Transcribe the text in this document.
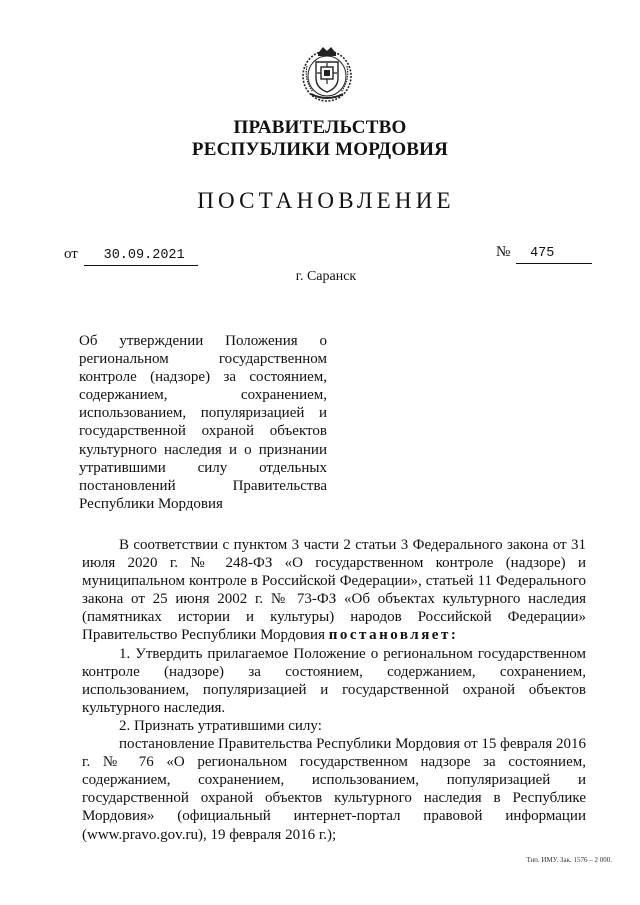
ПРАВИТЕЛЬСТВО
РЕСПУБЛИКИ МОРДОВИЯ
ПОСТАНОВЛЕНИЕ
от 30.09.2021	№ 475
г. Саранск
Об утверждении Положения о региональном государственном контроле (надзоре) за состоянием, содержанием, сохранением, использованием, популяризацией и государственной охраной объектов культурного наследия и о признании утратившими силу отдельных постановлений Правительства Республики Мордовия

В соответствии с пунктом 3 части 2 статьи 3 Федерального закона от 31 июля 2020 г. № 248-ФЗ «О государственном контроле (надзоре) и муниципальном контроле в Российской Федерации», статьей 11 Федерального закона от 25 июня 2002 г. № 73-ФЗ «Об объектах культурного наследия (памятниках истории и культуры) народов Российской Федерации» Правительство Республики Мордовия постановляет:

1. Утвердить прилагаемое Положение о региональном государственном контроле (надзоре) за состоянием, содержанием, сохранением, использованием, популяризацией и государственной охраной объектов культурного наследия.

2. Признать утратившими силу:

постановление Правительства Республики Мордовия от 15 февраля 2016 г. № 76 «О региональном государственном надзоре за состоянием, содержанием, сохранением, использованием, популяризацией и государственной охраной объектов культурного наследия в Республике Мордовия» (официальный интернет-портал правовой информации (www.pravo.gov.ru), 19 февраля 2016 г.);

Тип. ИМУ. Зак. 1576 – 2 000.
